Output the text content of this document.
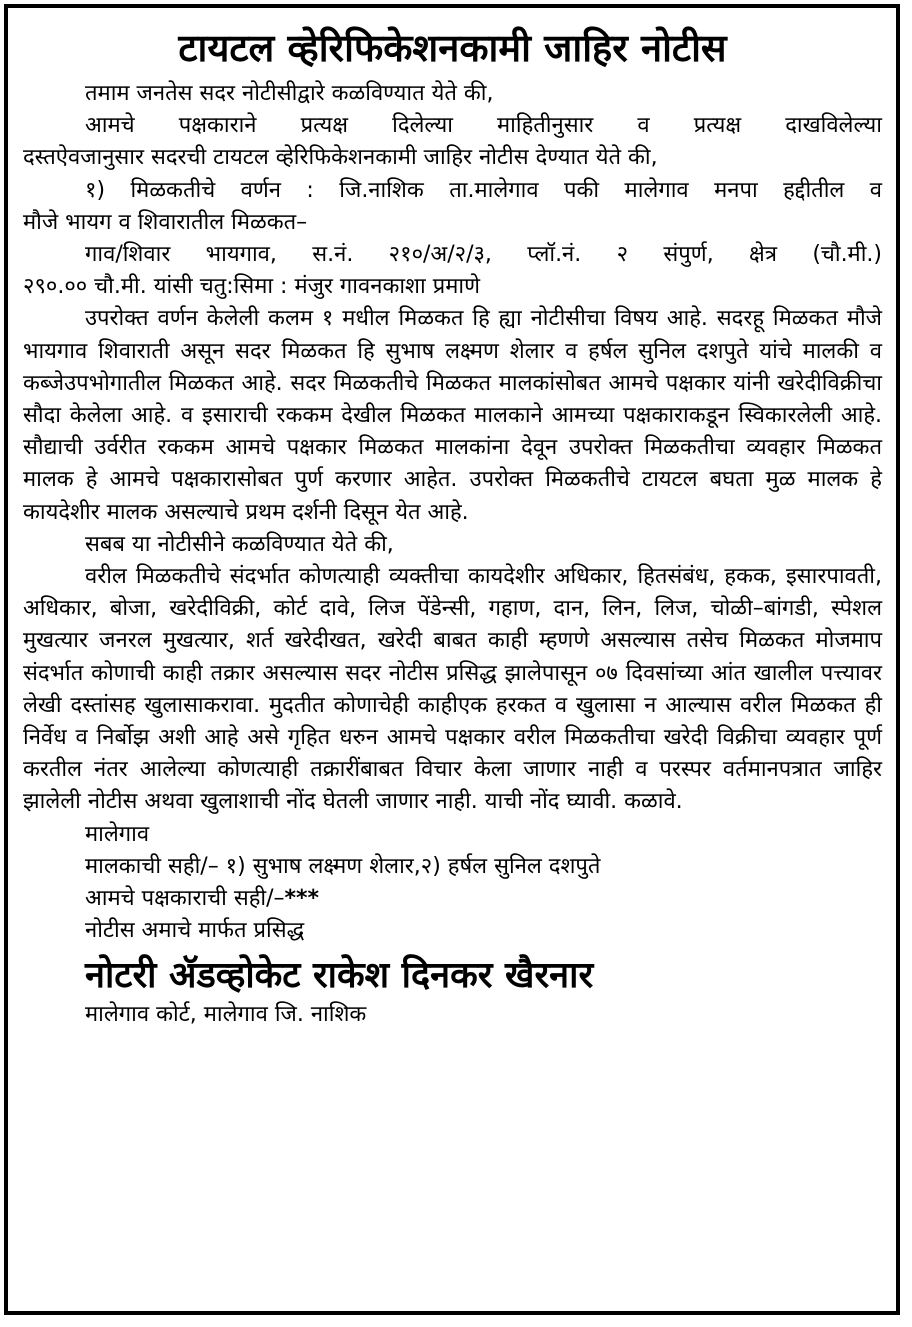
टायटल व्हेरिफिकेशनकामी जाहिर नोटीस

तमाम जनतेस सदर नोटीसीद्वारे कळविण्यात येते की,

आमचे पक्षकाराने प्रत्यक्ष दिलेल्या माहितीनुसार व प्रत्यक्ष दाखविलेल्या

दस्तऐवजानुसार सदरची टायटल व्हेरिफिकेशनकामी जाहिर नोटीस देण्यात येते की,

१) मिळकतीचे वर्णन : जि.नाशिक ता.मालेगाव पकी मालेगाव मनपा हद्दीतील व

मौजे भायग व शिवारातील मिळकत–

गाव/शिवार भायगाव, स.नं. २१०/अ/२/३, प्लॉ.नं. २ संपुर्ण, क्षेत्र (चौ.मी.)

२९०.०० चौ.मी. यांसी चतु:सिमा : मंजुर गावनकाशा प्रमाणे

उपरोक्त वर्णन केलेली कलम १ मधील मिळकत हि ह्या नोटीसीचा विषय आहे. सदरहू मिळकत मौजे भायगाव शिवाराती असून सदर मिळकत हि सुभाष लक्ष्मण शेलार व हर्षल सुनिल दशपुते यांचे मालकी व कब्जेउपभोगातील मिळकत आहे. सदर मिळकतीचे मिळकत मालकांसोबत आमचे पक्षकार यांनी खरेदीविक्रीचा सौदा केलेला आहे. व इसाराची रककम देखील मिळकत मालकाने आमच्या पक्षकाराकडून स्विकारलेली आहे. सौद्याची उर्वरीत रककम आमचे पक्षकार मिळकत मालकांना देवून उपरोक्त मिळकतीचा व्यवहार मिळकत मालक हे आमचे पक्षकारासोबत पुर्ण करणार आहेत. उपरोक्त मिळकतीचे टायटल बघता मुळ मालक हे कायदेशीर मालक असल्याचे प्रथम दर्शनी दिसून येत आहे.

सबब या नोटीसीने कळविण्यात येते की,

वरील मिळकतीचे संदर्भात कोणत्याही व्यक्तीचा कायदेशीर अधिकार, हितसंबंध, हकक, इसारपावती, अधिकार, बोजा, खरेदीविक्री, कोर्ट दावे, लिज पेंडेन्सी, गहाण, दान, लिन, लिज, चोळी–बांगडी, स्पेशल मुखत्यार जनरल मुखत्यार, शर्त खरेदीखत, खरेदी बाबत काही म्हणणे असल्यास तसेच मिळकत मोजमाप संदर्भात कोणाची काही तक्रार असल्यास सदर नोटीस प्रसिद्ध झालेपासून ०७ दिवसांच्या आंत खालील पत्त्यावर लेखी दस्तांसह खुलासाकरावा. मुदतीत कोणाचेही काहीएक हरकत व खुलासा न आल्यास वरील मिळकत ही निर्वेध व निर्बोझ अशी आहे असे गृहित धरुन आमचे पक्षकार वरील मिळकतीचा खरेदी विक्रीचा व्यवहार पूर्ण करतील नंतर आलेल्या कोणत्याही तक्रारींबाबत विचार केला जाणार नाही व परस्पर वर्तमानपत्रात जाहिर झालेली नोटीस अथवा खुलाशाची नोंद घेतली जाणार नाही. याची नोंद घ्यावी. कळावे.

मालेगाव

मालकाची सही/– १) सुभाष लक्ष्मण शेलार,२) हर्षल सुनिल दशपुते

आमचे पक्षकाराची सही/–***

नोटीस अमाचे मार्फत प्रसिद्ध

नोटरी ॲडव्होकेट राकेश दिनकर खैरनार

मालेगाव कोर्ट, मालेगाव जि. नाशिक
